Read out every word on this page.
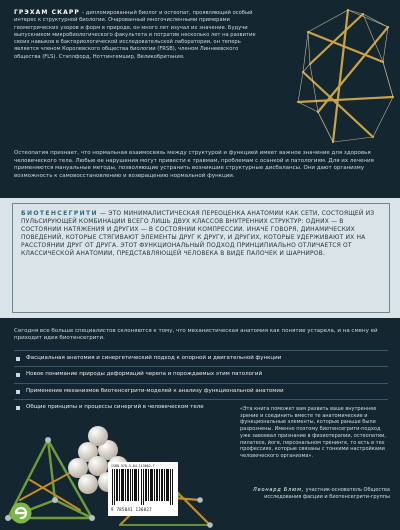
ГРЭХАМ СКАРР – дипломированный биолог и остеопат, проявляющий особый интерес к структурной биологии. Очарованный многочисленными примерами геометрических узоров и форм в природе, он много лет изучал их значение. Будучи выпускником микробиологического факультета и потратив несколько лет на развитие своих навыков в бактериологической исследовательской лаборатории, он теперь является членом Королевского общества биологии (FRSB), членом Линнеевского общества (FLS). Стэплфорд, Ноттингемшир, Великобритания.

Остеопатия признает, что нормальная взаимосвязь между структурой и функцией имеет важное значение для здоровья человеческого тела. Любые ее нарушения могут привести к травмам, проблемам с осанкой и патологиям. Для их лечения применяются мануальные методы, позволяющие устранить возникшие структурные дисбалансы. Они дают организму возможность к самовосстановлению и возвращению нормальной функции.

БИОТЕНСЕГРИТИ — ЭТО МИНИМАЛИСТИЧЕСКАЯ ПЕРЕОЦЕНКА АНАТОМИИ КАК СЕТИ, СОСТОЯЩЕЙ ИЗ ПУЛЬСИРУЮЩЕЙ КОМБИНАЦИИ ВСЕГО ЛИШЬ ДВУХ КЛАССОВ ВНУТРЕННИХ СТРУКТУР: ОДНИХ — В СОСТОЯНИИ НАТЯЖЕНИЯ И ДРУГИХ — В СОСТОЯНИИ КОМПРЕССИИ. ИНАЧЕ ГОВОРЯ, ДИНАМИЧЕСКИХ ПОВЕДЕНИЙ, КОТОРЫЕ СТЯГИВАЮТ ЭЛЕМЕНТЫ ДРУГ К ДРУГУ, И ДРУГИХ, КОТОРЫЕ УДЕРЖИВАЮТ ИХ НА РАССТОЯНИИ ДРУГ ОТ ДРУГА. ЭТОТ ФУНКЦИОНАЛЬНЫЙ ПОДХОД ПРИНЦИПИАЛЬНО ОТЛИЧАЕТСЯ ОТ КЛАССИЧЕСКОЙ АНАТОМИИ, ПРЕДСТАВЛЯЮЩЕЙ ЧЕЛОВЕКА В ВИДЕ ПАЛОЧЕК И ШАРНИРОВ.

Сегодня все больше специалистов склоняются к тому, что механистическая анатомия как понятие устарела, и на смену ей приходит идея биотенсегрити.

Фасциальная анатомия и синергетический подход к опорной и двигательной функции
Новое понимание природы деформаций черепа и порождаемых этим патологий
Применение механизмов биотенсегрити-моделей к анализу функциональной анатомии
Общие принципы и процессы синергий в человеческом теле
ISBN 978-5-04-113602-7
9 785041 136027

«Эта книга поможет вам развить ваше внутреннее зрение и соединить вместе те анатомические и функциональные элементы, которые раньше были разрознены. Именно поэтому биотенсегрити-подход уже завоевал признание в физиотерапии, остеопатии, пилатесе, йоге, персональном тренинге, то есть в тех профессиях, которые связаны с тонкими настройками человеческого организма».

Леонард Блюм, участник-основатель Общества исследования фасции и биотенсегрити-группы
